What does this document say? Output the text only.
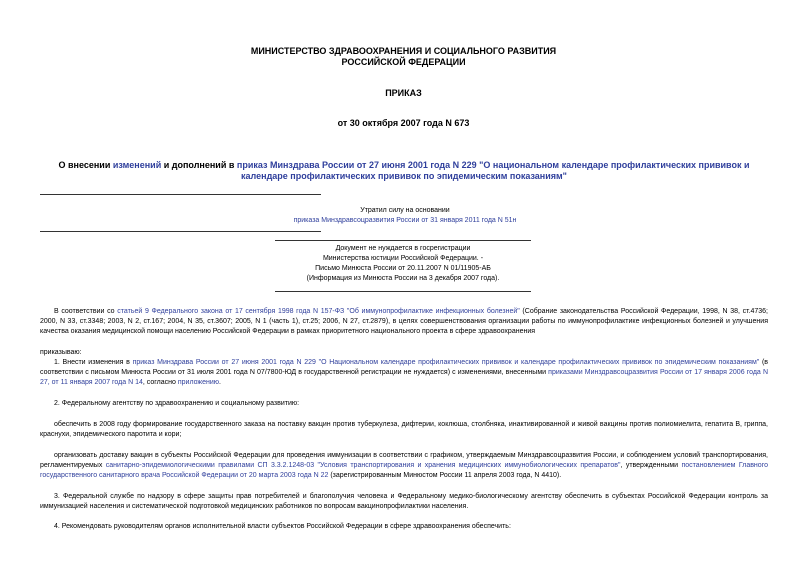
МИНИСТЕРСТВО ЗДРАВООХРАНЕНИЯ И СОЦИАЛЬНОГО РАЗВИТИЯ
РОССИЙСКОЙ ФЕДЕРАЦИИ
ПРИКАЗ
от 30 октября 2007 года N 673
О внесении изменений и дополнений в приказ Минздрава России от 27 июня 2001 года N 229 "О национальном календаре профилактических прививок и календаре профилактических прививок по эпидемическим показаниям"
Утратил силу на основании
приказа Минздравсоцразвития России от 31 января 2011 года N 51н
Документ не нуждается в госрегистрации
Министерства юстиции Российской Федерации. -
Письмо Минюста России от 20.11.2007 N 01/11905-АБ
(Информация из Минюста России на 3 декабря 2007 года).
В соответствии со статьей 9 Федерального закона от 17 сентября 1998 года N 157-ФЗ "Об иммунопрофилактике инфекционных болезней" (Собрание законодательства Российской Федерации, 1998, N 38, ст.4736; 2000, N 33, ст.3348; 2003, N 2, ст.167; 2004, N 35, ст.3607; 2005, N 1 (часть 1), ст.25; 2006, N 27, ст.2879), в целях совершенствования организации работы по иммунопрофилактике инфекционных болезней и улучшения качества оказания медицинской помощи населению Российской Федерации в рамках приоритетного национального проекта в сфере здравоохранения
приказываю:
1. Внести изменения в приказ Минздрава России от 27 июня 2001 года N 229 "О Национальном календаре профилактических прививок и календаре профилактических прививок по эпидемическим показаниям" (в соответствии с письмом Минюста России от 31 июля 2001 года N 07/7800-ЮД в государственной регистрации не нуждается) с изменениями, внесенными приказами Минздравсоцразвития России от 17 января 2006 года N 27, от 11 января 2007 года N 14, согласно приложению.
2. Федеральному агентству по здравоохранению и социальному развитию:
обеспечить в 2008 году формирование государственного заказа на поставку вакцин против туберкулеза, дифтерии, коклюша, столбняка, инактивированной и живой вакцины против полиомиелита, гепатита В, гриппа, краснухи, эпидемического паротита и кори;
организовать доставку вакцин в субъекты Российской Федерации для проведения иммунизации в соответствии с графиком, утверждаемым Минздравсоцразвития России, и соблюдением условий транспортирования, регламентируемых санитарно-эпидемиологическими правилами СП 3.3.2.1248-03 "Условия транспортирования и хранения медицинских иммунобиологических препаратов", утвержденными постановлением Главного государственного санитарного врача Российской Федерации от 20 марта 2003 года N 22 (зарегистрированным Минюстом России 11 апреля 2003 года, N 4410).
3. Федеральной службе по надзору в сфере защиты прав потребителей и благополучия человека и Федеральному медико-биологическому агентству обеспечить в субъектах Российской Федерации контроль за иммунизацией населения и систематической подготовкой медицинских работников по вопросам вакцинопрофилактики населения.
4. Рекомендовать руководителям органов исполнительной власти субъектов Российской Федерации в сфере здравоохранения обеспечить:
